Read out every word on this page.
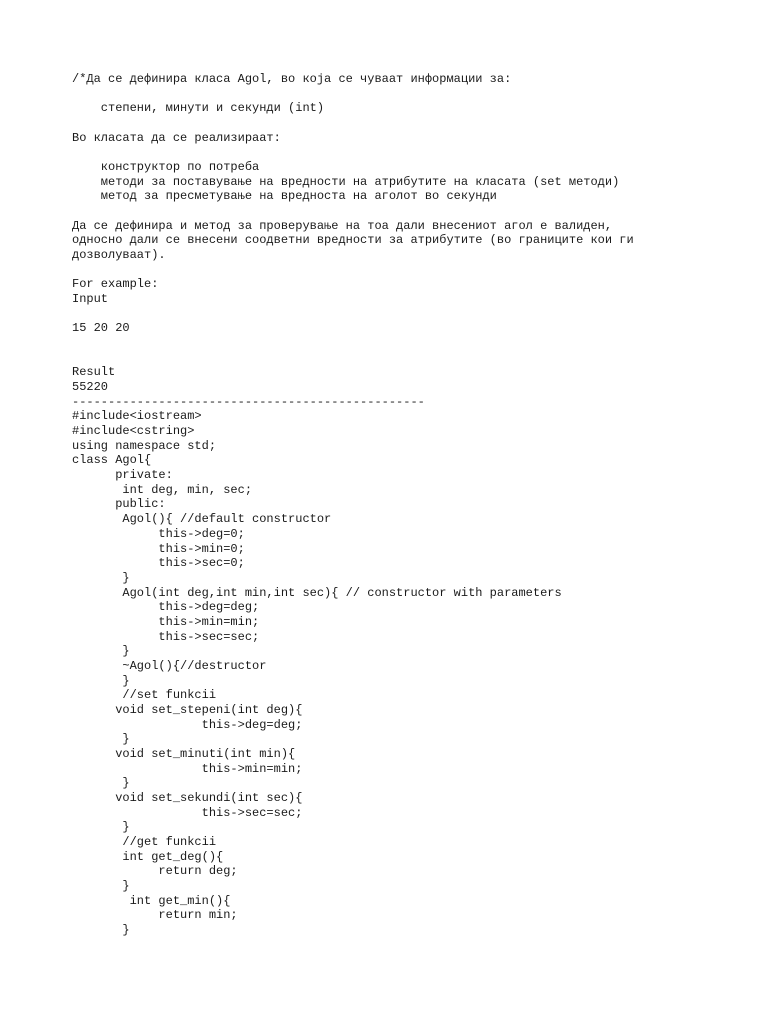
/*Да се дефинира класа Agol, во која се чуваат информации за:

степени, минути и секунди (int)

Во класата да се реализираат:

конструктор по потреба
методи за поставување на вредности на атрибутите на класата (set методи)
метод за пресметување на вредноста на аголот во секунди

Да се дефинира и метод за проверување на тоа дали внесениот агол е валиден,
односно дали се внесени соодветни вредности за атрибутите (во границите кои ги
дозволуваат).

For example:
Input

15 20 20

Result
55220
-------------------------------------------------
#include<iostream>
#include<cstring>
using namespace std;
class Agol{
private:
int deg, min, sec;
public:
Agol(){ //default constructor
this->deg=0;
this->min=0;
this->sec=0;
}
Agol(int deg,int min,int sec){ // constructor with parameters
this->deg=deg;
this->min=min;
this->sec=sec;
}
~Agol(){//destructor
}
//set funkcii
void set_stepeni(int deg){
this->deg=deg;
}
void set_minuti(int min){
this->min=min;
}
void set_sekundi(int sec){
this->sec=sec;
}
//get funkcii
int get_deg(){
return deg;
}
int get_min(){
return min;
}
